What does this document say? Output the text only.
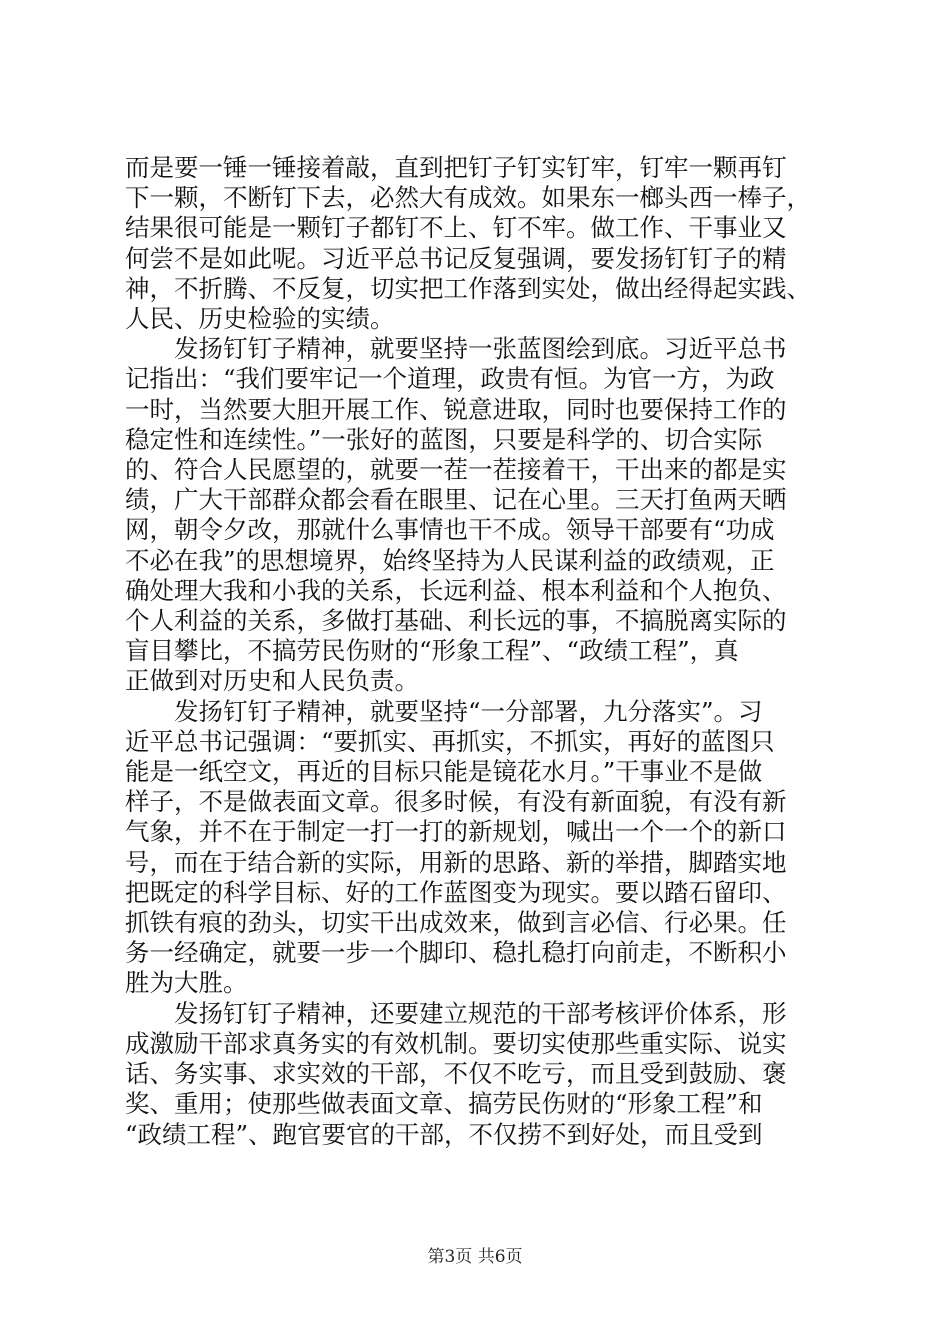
而是要一锤一锤接着敲，直到把钉子钉实钉牢，钉牢一颗再钉
下一颗，不断钉下去，必然大有成效。如果东一榔头西一棒子，
结果很可能是一颗钉子都钉不上、钉不牢。做工作、干事业又
何尝不是如此呢。习近平总书记反复强调，要发扬钉钉子的精
神，不折腾、不反复，切实把工作落到实处，做出经得起实践、
人民、历史检验的实绩。

发扬钉钉子精神，就要坚持一张蓝图绘到底。习近平总书
记指出：“我们要牢记一个道理，政贵有恒。为官一方，为政
一时，当然要大胆开展工作、锐意进取，同时也要保持工作的
稳定性和连续性。”一张好的蓝图，只要是科学的、切合实际
的、符合人民愿望的，就要一茬一茬接着干，干出来的都是实
绩，广大干部群众都会看在眼里、记在心里。三天打鱼两天晒
网，朝令夕改，那就什么事情也干不成。领导干部要有“功成
不必在我”的思想境界，始终坚持为人民谋利益的政绩观，正
确处理大我和小我的关系，长远利益、根本利益和个人抱负、
个人利益的关系，多做打基础、利长远的事，不搞脱离实际的
盲目攀比，不搞劳民伤财的“形象工程”、“政绩工程”，真
正做到对历史和人民负责。

发扬钉钉子精神，就要坚持“一分部署，九分落实”。习
近平总书记强调：“要抓实、再抓实，不抓实，再好的蓝图只
能是一纸空文，再近的目标只能是镜花水月。”干事业不是做
样子，不是做表面文章。很多时候，有没有新面貌，有没有新
气象，并不在于制定一打一打的新规划，喊出一个一个的新口
号，而在于结合新的实际，用新的思路、新的举措，脚踏实地
把既定的科学目标、好的工作蓝图变为现实。要以踏石留印、
抓铁有痕的劲头，切实干出成效来，做到言必信、行必果。任
务一经确定，就要一步一个脚印、稳扎稳打向前走，不断积小
胜为大胜。

发扬钉钉子精神，还要建立规范的干部考核评价体系，形
成激励干部求真务实的有效机制。要切实使那些重实际、说实
话、务实事、求实效的干部，不仅不吃亏，而且受到鼓励、褒
奖、重用；使那些做表面文章、搞劳民伤财的“形象工程”和
“政绩工程”、跑官要官的干部，不仅捞不到好处，而且受到

第3页 共6页
